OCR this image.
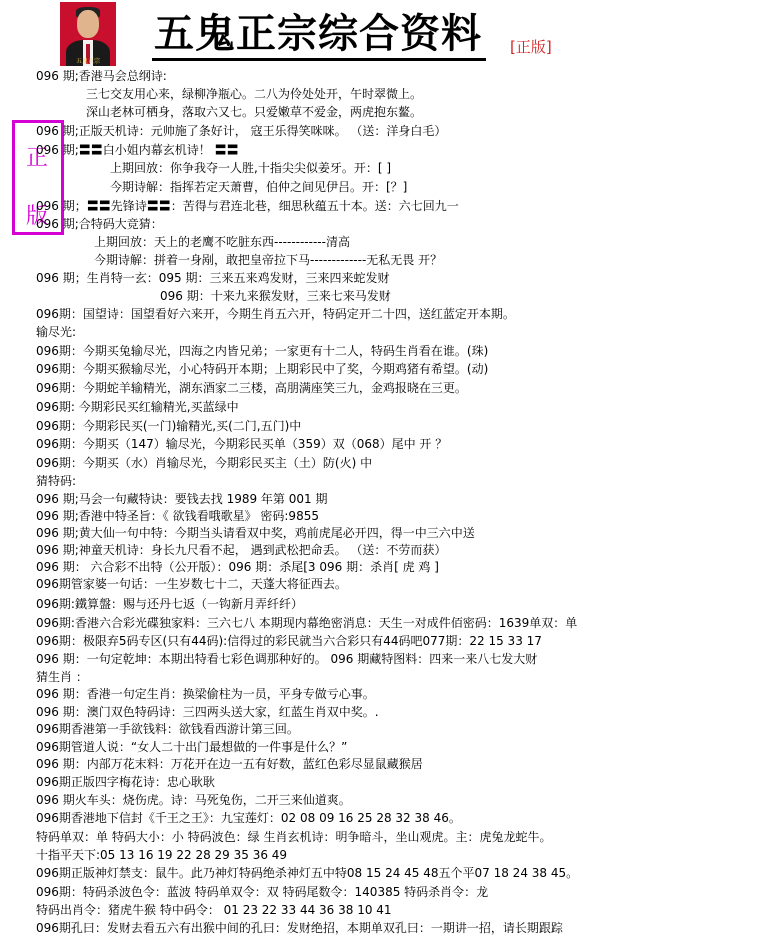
五鬼正宗
五鬼正宗综合资料 [正版]
正
版
096 期;香港马会总纲诗:
三七交友用心来，绿柳净瓶心。二八为伶处处开，午时翠微上。
深山老林可栖身，落取六又七。只爱嫩草不爱金，两虎抱东鳌。
096 期;正版天机诗：元帅施了条好计， 寇王乐得笑咪咪。 （送：洋身白毛）
096 期;〓〓白小姐内幕玄机诗！ 〓〓
上期回放：你争我夺一人胜,十指尖尖似姜牙。开：[ ]
今期诗解：指挥若定天萧曹，伯仲之间见伊吕。开：[？]
096 期；〓〓先锋诗〓〓：苦得与君连北巷，细思秋蕴五十本。送：六七回九一
096 期;合特码大竞猜：
上期回放：天上的老鹰不吃脏东西------------清高
今期诗解：拼着一身剐，敢把皇帝拉下马-------------无私无畏 开？
096 期；生肖特一玄：095 期：三来五来鸡发财，三来四来蛇发财
096 期：十来九来猴发财，三来七来马发财
096期：国望诗：国望看好六来开，今期生肖五六开，特码定开二十四，送红蓝定开本期。
输尽光:
096期：今期买兔输尽光，四海之内皆兄弟；一家更有十二人，特码生肖看在谁。(珠)
096期：今期买猴输尽光，小心特码开本期；上期彩民中了奖，今期鸡猪有希望。(动)
096期：今期蛇羊输精光，湖东酒家二三楼，高朋满座笑三九，金鸡报晓在三更。
096期: 今期彩民买红输精光,买蓝绿中
096期：今期彩民买(一门)输精光,买(二门,五门)中
096期：今期买（147）输尽光，今期彩民买单（359）双（068）尾中 开 ？
096期：今期买（水）肖输尽光，今期彩民买主（土）防(火) 中
猜特码:
096 期;马会一句藏特诀：要钱去找 1989 年第 001 期
096 期;香港中特圣旨：《 欲钱看哦歌星》 密码:9855
096 期;黄大仙一句中特：今期当头请看双中奖，鸡前虎尾必开四，得一中三六中送
096 期;神童天机诗：身长九尺看不起， 遇到武松把命丢。 （送：不劳而获）
096 期： 六合彩不出特（公开版）：096 期：杀尾[3 096 期：杀肖[ 虎 鸡 ]
096期管家婆一句话：一生岁数七十二，天蓬大将征西去。
096期:鐵算盤：赐与还丹七返（一钩新月弄纤纤）
096期:香港六合彩光碟独家料：三六七八 本期现内幕绝密消息：天生一对成件佰密码：1639单双：单
096期：极限弃5码专区(只有44码):信得过的彩民就当六合彩只有44码吧077期：22 15 33 17
096 期：一句定乾坤：本期出特看七彩色调那种好的。 096 期藏特图料：四来一来八七发大财
猜生肖 ：
096 期：香港一句定生肖：换梁偷柱为一员，平身专做亏心事。
096 期：澳门双色特码诗：三四两头送大家，红蓝生肖双中奖。.
096期香港第一手欲钱料：欲钱看西游计第三回。
096期管道人说：“女人二十出门最想做的一件事是什么？”
096 期：内部万花末料：万花开在边一五有好数，蓝红色彩尽显鼠藏猴居
096期正版四字梅花诗：忠心耿耿
096 期火车头：烧伤虎。诗：马死兔伤，二开三来仙道爽。
096期香港地下信封《千王之王》：九宝莲灯：02 08 09 16 25 28 32 38 46。
特码单双：单 特码大小：小 特码波色：绿 生肖玄机诗：明争暗斗，坐山观虎。主：虎兔龙蛇牛。
十指平天下:05 13 16 19 22 28 29 35 36 49
096期正版神灯禁支：鼠牛。此乃神灯特码绝杀神灯五中特08 15 24 45 48五个平07 18 24 38 45。
096期：特码杀波色令：蓝波 特码单双令：双 特码尾数令：140385 特码杀肖令：龙
特码出肖令：猪虎牛猴 特中码令： 01 23 22 33 44 36 38 10 41
096期孔曰：发财去看五六有出猴中间的孔曰：发财绝招，本期单双孔曰：一期讲一招，请长期跟踪
